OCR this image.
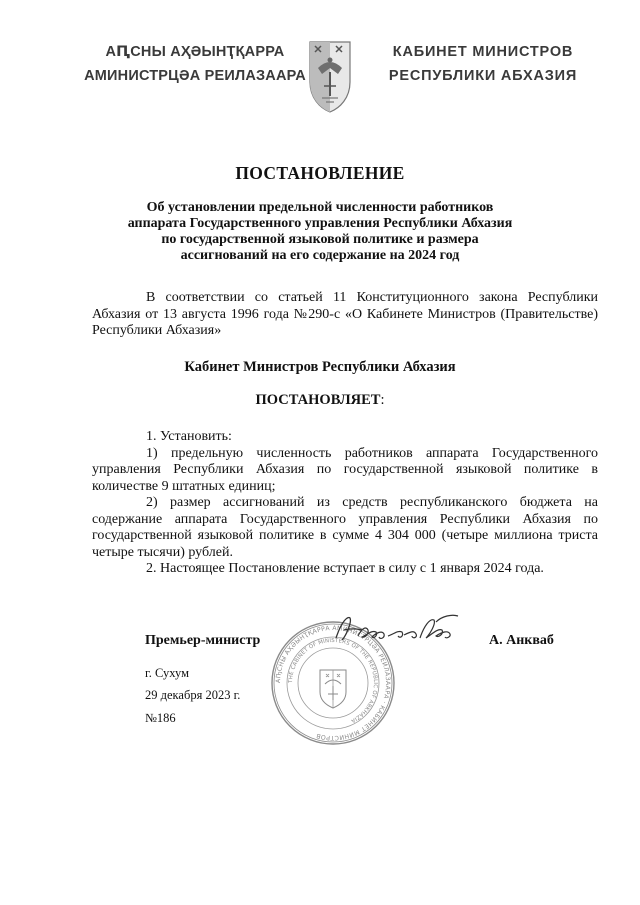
АԤСНЫ АҲӘЫНҬҚАРРА
АМИНИСТРЦӘА РЕИЛАЗААРА
КАБИНЕТ МИНИСТРОВ
РЕСПУБЛИКИ АБХАЗИЯ
ПОСТАНОВЛЕНИЕ
Об установлении предельной численности работников
аппарата Государственного управления Республики Абхазия
по государственной языковой политике и размера
ассигнований на его содержание на 2024 год
В соответствии со статьей 11 Конституционного закона Республики Абхазия от 13 августа 1996 года №290-с «О Кабинете Министров (Правительстве) Республики Абхазия»
Кабинет Министров Республики Абхазия
ПОСТАНОВЛЯЕТ:

1. Установить:

1) предельную численность работников аппарата Государственного управления Республики Абхазия по государственной языковой политике в количестве 9 штатных единиц;

2) размер ассигнований из средств республиканского бюджета на содержание аппарата Государственного управления Республики Абхазия по государственной языковой политике в сумме 4 304 000 (четыре миллиона триста четыре тысячи) рублей.

2. Настоящее Постановление вступает в силу с 1 января 2024 года.

АҦСНЫ АҲӘЫНҬҚАРРА АМИНИСТРЦӘА РЕИЛАЗААРА · КАБИНЕТ МИНИСТРОВ
THE CABINET OF MINISTERS OF THE REPUBLIC OF ABKHAZIA
Премьер-министр	А. Анкваб
г. Сухум
29 декабря 2023 г.
№186
